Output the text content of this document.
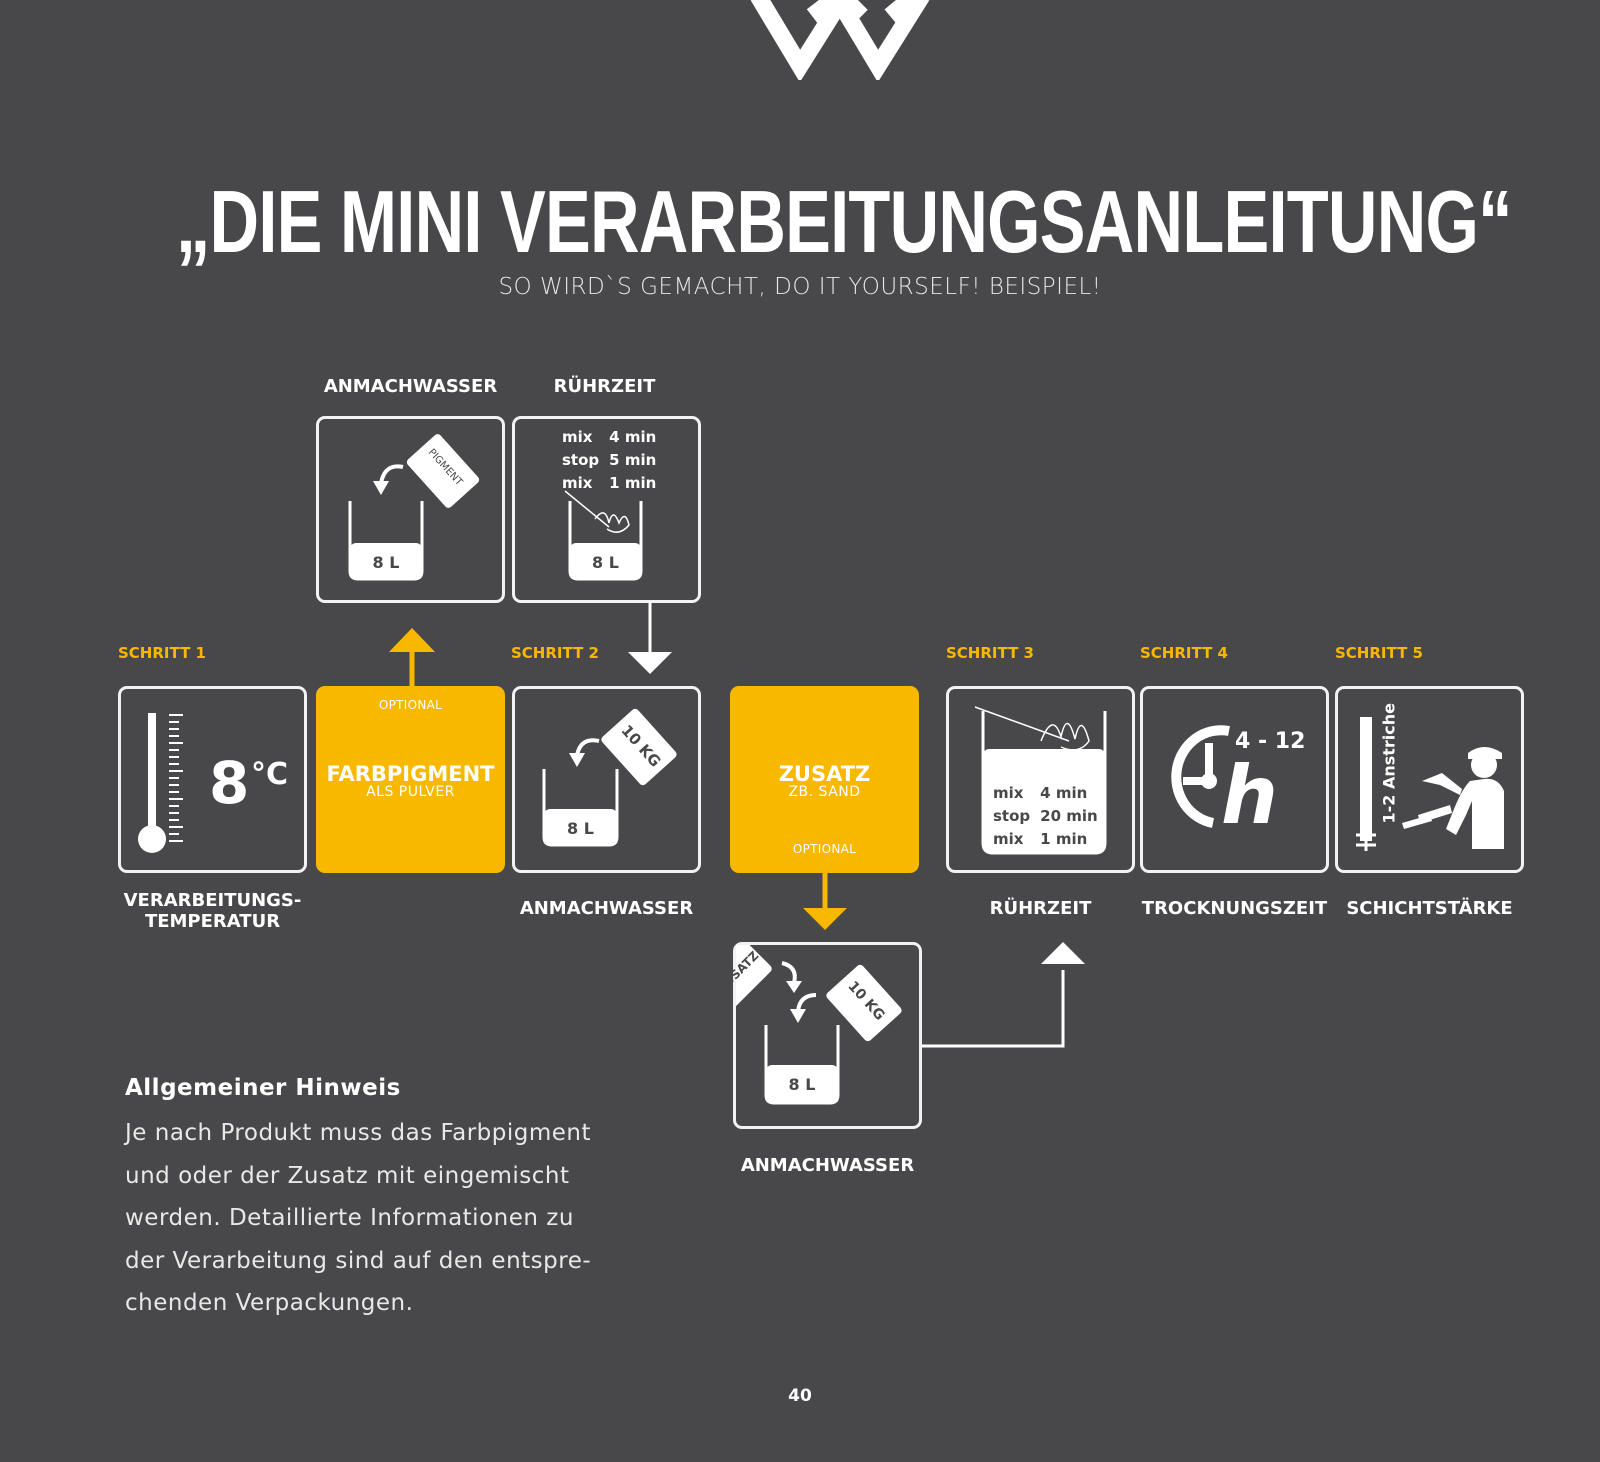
„DIE MINI VERARBEITUNGSANLEITUNG“
SO WIRD`S GEMACHT, DO IT YOURSELF! BEISPIEL!
ANMACHWASSER	RÜHRZEIT
8 L
PIGMENT
mix	4 min
stop	5 min
mix	1 min
8 L
SCHRITT 1	SCHRITT 2	SCHRITT 3	SCHRITT 4	SCHRITT 5
8 °C
VERARBEITUNGS-
TEMPERATUR
OPTIONAL
FARBPIGMENT
ALS PULVER
8 L
10 KG
ANMACHWASSER
ZUSATZ
ZB. SAND
OPTIONAL
mix	4 min
stop	20 min
mix	1 min
RÜHRZEIT
4 - 12
h
TROCKNUNGSZEIT
1-2 Anstriche
SCHICHTSTÄRKE
ZUSATZ
10 KG
8 L
ANMACHWASSER
Allgemeiner Hinweis
Je nach Produkt muss das Farbpigment
und oder der Zusatz mit eingemischt
werden. Detaillierte Informationen zu
der Verarbeitung sind auf den entspre-
chenden Verpackungen.
40
